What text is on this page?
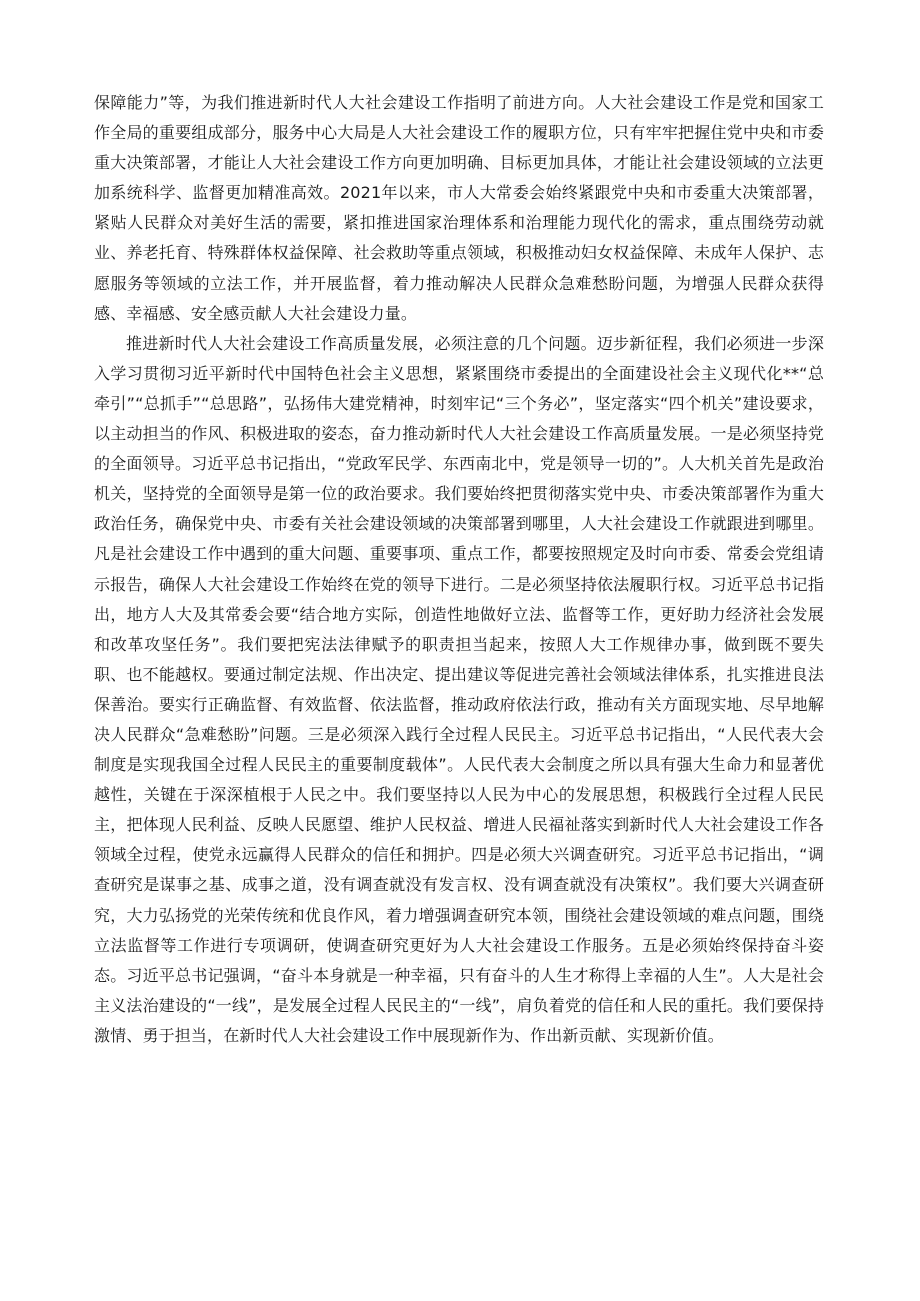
保障能力”等，为我们推进新时代人大社会建设工作指明了前进方向。人大社会建设工作是党和国家工作全局的重要组成部分，服务中心大局是人大社会建设工作的履职方位，只有牢牢把握住党中央和市委重大决策部署，才能让人大社会建设工作方向更加明确、目标更加具体，才能让社会建设领域的立法更加系统科学、监督更加精准高效。2021年以来，市人大常委会始终紧跟党中央和市委重大决策部署，紧贴人民群众对美好生活的需要，紧扣推进国家治理体系和治理能力现代化的需求，重点围绕劳动就业、养老托育、特殊群体权益保障、社会救助等重点领域，积极推动妇女权益保障、未成年人保护、志愿服务等领域的立法工作，并开展监督，着力推动解决人民群众急难愁盼问题，为增强人民群众获得感、幸福感、安全感贡献人大社会建设力量。

推进新时代人大社会建设工作高质量发展，必须注意的几个问题。迈步新征程，我们必须进一步深入学习贯彻习近平新时代中国特色社会主义思想，紧紧围绕市委提出的全面建设社会主义现代化**“总牵引”“总抓手”“总思路”，弘扬伟大建党精神，时刻牢记“三个务必”，坚定落实“四个机关”建设要求，以主动担当的作风、积极进取的姿态，奋力推动新时代人大社会建设工作高质量发展。一是必须坚持党的全面领导。习近平总书记指出，“党政军民学、东西南北中，党是领导一切的”。人大机关首先是政治机关，坚持党的全面领导是第一位的政治要求。我们要始终把贯彻落实党中央、市委决策部署作为重大政治任务，确保党中央、市委有关社会建设领域的决策部署到哪里，人大社会建设工作就跟进到哪里。凡是社会建设工作中遇到的重大问题、重要事项、重点工作，都要按照规定及时向市委、常委会党组请示报告，确保人大社会建设工作始终在党的领导下进行。二是必须坚持依法履职行权。习近平总书记指出，地方人大及其常委会要“结合地方实际，创造性地做好立法、监督等工作，更好助力经济社会发展和改革攻坚任务”。我们要把宪法法律赋予的职责担当起来，按照人大工作规律办事，做到既不要失职、也不能越权。要通过制定法规、作出决定、提出建议等促进完善社会领域法律体系，扎实推进良法保善治。要实行正确监督、有效监督、依法监督，推动政府依法行政，推动有关方面现实地、尽早地解决人民群众“急难愁盼”问题。三是必须深入践行全过程人民民主。习近平总书记指出，“人民代表大会制度是实现我国全过程人民民主的重要制度载体”。人民代表大会制度之所以具有强大生命力和显著优越性，关键在于深深植根于人民之中。我们要坚持以人民为中心的发展思想，积极践行全过程人民民主，把体现人民利益、反映人民愿望、维护人民权益、增进人民福祉落实到新时代人大社会建设工作各领域全过程，使党永远赢得人民群众的信任和拥护。四是必须大兴调查研究。习近平总书记指出，“调查研究是谋事之基、成事之道，没有调查就没有发言权、没有调查就没有决策权”。我们要大兴调查研究，大力弘扬党的光荣传统和优良作风，着力增强调查研究本领，围绕社会建设领域的难点问题，围绕立法监督等工作进行专项调研，使调查研究更好为人大社会建设工作服务。五是必须始终保持奋斗姿态。习近平总书记强调，“奋斗本身就是一种幸福，只有奋斗的人生才称得上幸福的人生”。人大是社会主义法治建设的“一线”，是发展全过程人民民主的“一线”，肩负着党的信任和人民的重托。我们要保持激情、勇于担当，在新时代人大社会建设工作中展现新作为、作出新贡献、实现新价值。
